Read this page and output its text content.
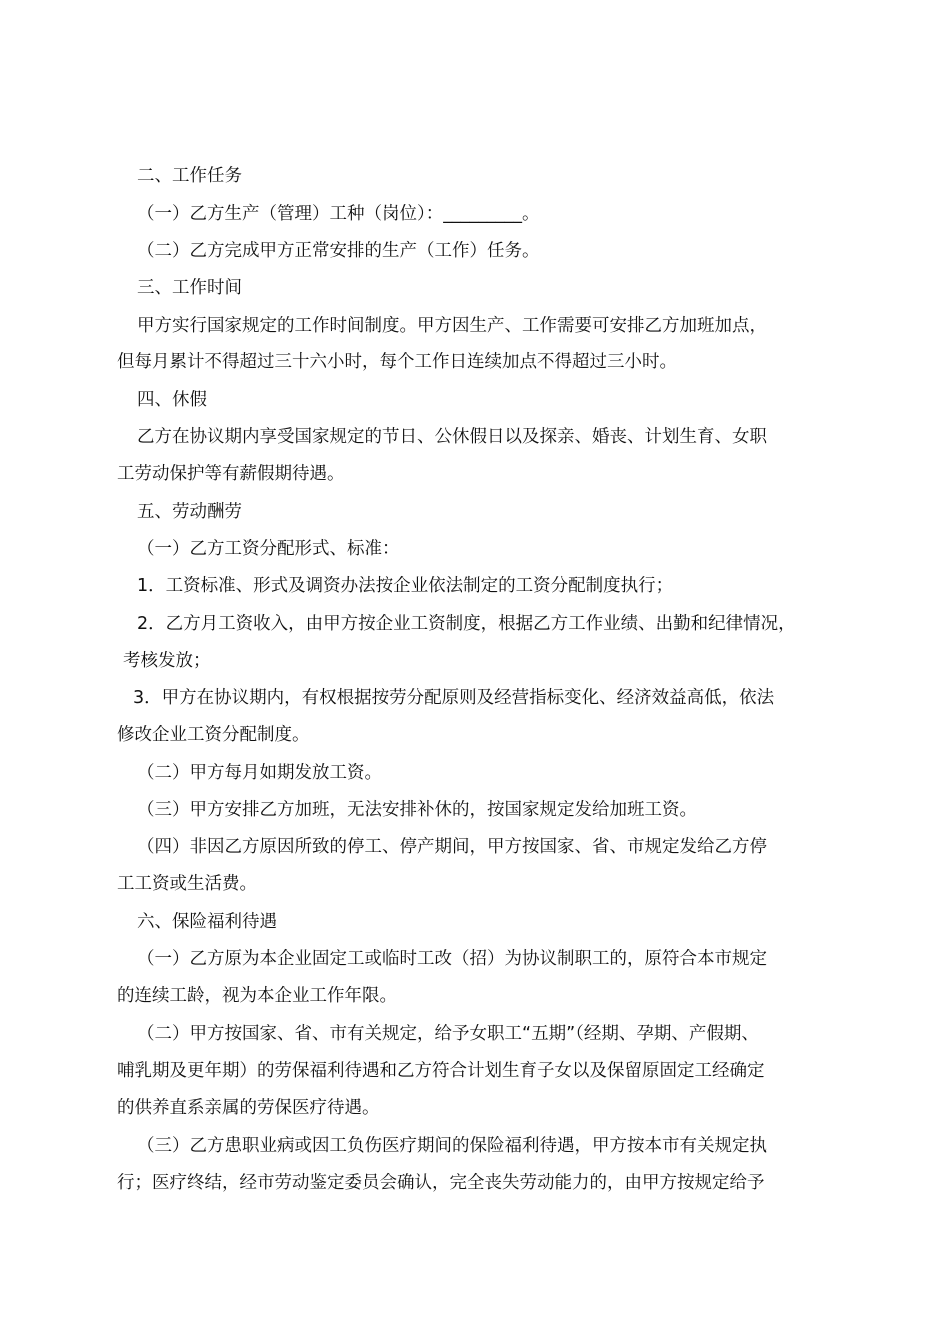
二、工作任务

（一）乙方生产（管理）工种（岗位）：_________。

（二）乙方完成甲方正常安排的生产（工作）任务。

三、工作时间

甲方实行国家规定的工作时间制度。甲方因生产、工作需要可安排乙方加班加点，

但每月累计不得超过三十六小时，每个工作日连续加点不得超过三小时。

四、休假

乙方在协议期内享受国家规定的节日、公休假日以及探亲、婚丧、计划生育、女职

工劳动保护等有薪假期待遇。

五、劳动酬劳

（一）乙方工资分配形式、标准：

1．工资标准、形式及调资办法按企业依法制定的工资分配制度执行；

2．乙方月工资收入，由甲方按企业工资制度，根据乙方工作业绩、出勤和纪律情况，

考核发放；

3．甲方在协议期内，有权根据按劳分配原则及经营指标变化、经济效益高低，依法

修改企业工资分配制度。

（二）甲方每月如期发放工资。

（三）甲方安排乙方加班，无法安排补休的，按国家规定发给加班工资。

（四）非因乙方原因所致的停工、停产期间，甲方按国家、省、市规定发给乙方停

工工资或生活费。

六、保险福利待遇

（一）乙方原为本企业固定工或临时工改（招）为协议制职工的，原符合本市规定

的连续工龄，视为本企业工作年限。

（二）甲方按国家、省、市有关规定，给予女职工“五期”（经期、孕期、产假期、

哺乳期及更年期）的劳保福利待遇和乙方符合计划生育子女以及保留原固定工经确定

的供养直系亲属的劳保医疗待遇。

（三）乙方患职业病或因工负伤医疗期间的保险福利待遇，甲方按本市有关规定执

行；医疗终结，经市劳动鉴定委员会确认，完全丧失劳动能力的，由甲方按规定给予
